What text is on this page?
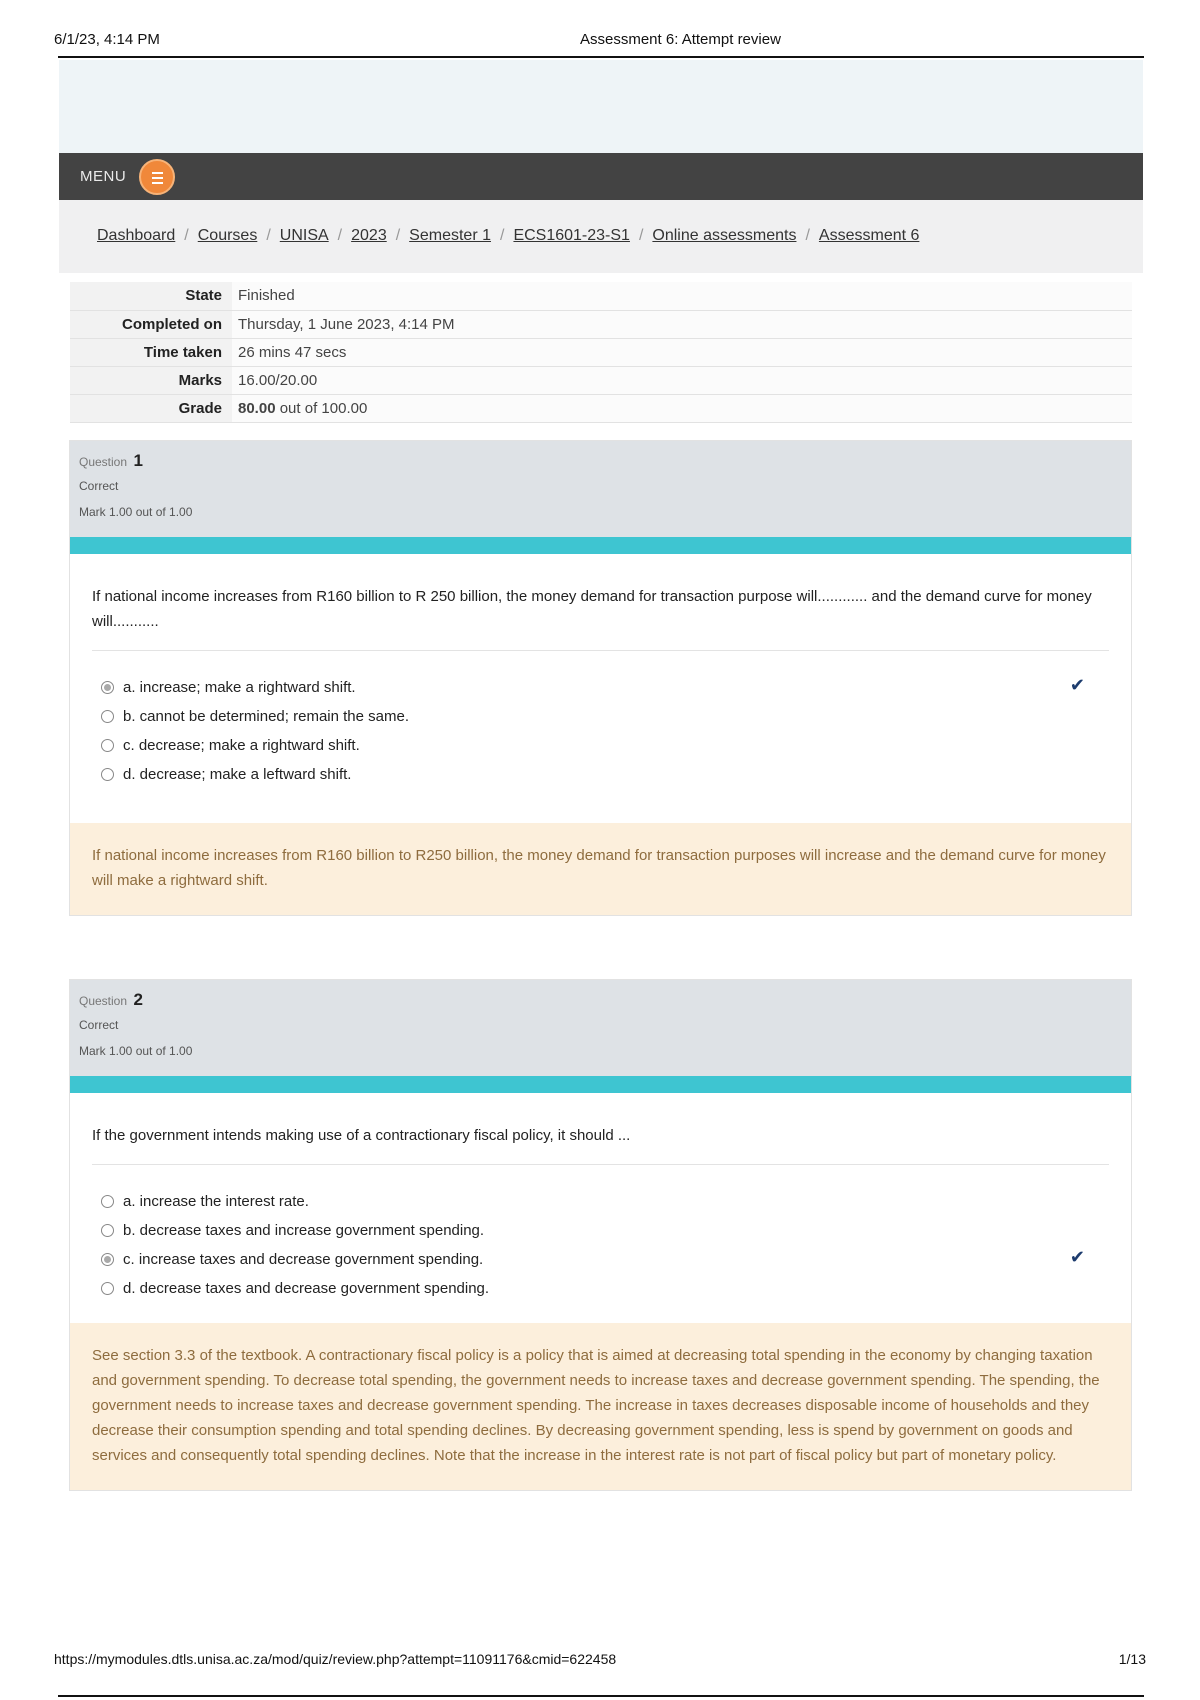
6/1/23, 4:14 PM	Assessment 6: Attempt review
MENU
Dashboard / Courses / UNISA / 2023 / Semester 1 / ECS1601-23-S1 / Online assessments / Assessment 6
State	Finished
Completed on	Thursday, 1 June 2023, 4:14 PM
Time taken	26 mins 47 secs
Marks	16.00/20.00
Grade	80.00 out of 100.00
Question 1
Correct
Mark 1.00 out of 1.00
If national income increases from R160 billion to R 250 billion, the money demand for transaction purpose will............ and the demand curve for money will...........
a. increase; make a rightward shift.
b. cannot be determined; remain the same.
c. decrease; make a rightward shift.
d. decrease; make a leftward shift.
✔
If national income increases from R160 billion to R250 billion, the money demand for transaction purposes will increase and the demand curve for money will make a rightward shift.
Question 2
Correct
Mark 1.00 out of 1.00
If the government intends making use of a contractionary fiscal policy, it should ...
a. increase the interest rate.
b. decrease taxes and increase government spending.
c. increase taxes and decrease government spending.
d. decrease taxes and decrease government spending.
✔
See section 3.3 of the textbook. A contractionary fiscal policy is a policy that is aimed at decreasing total spending in the economy by changing taxation and government spending. To decrease total spending, the government needs to increase taxes and decrease government spending. The spending, the government needs to increase taxes and decrease government spending. The increase in taxes decreases disposable income of households and they decrease their consumption spending and total spending declines. By decreasing government spending, less is spend by government on goods and services and consequently total spending declines. Note that the increase in the interest rate is not part of fiscal policy but part of monetary policy.
https://mymodules.dtls.unisa.ac.za/mod/quiz/review.php?attempt=11091176&cmid=622458	1/13
